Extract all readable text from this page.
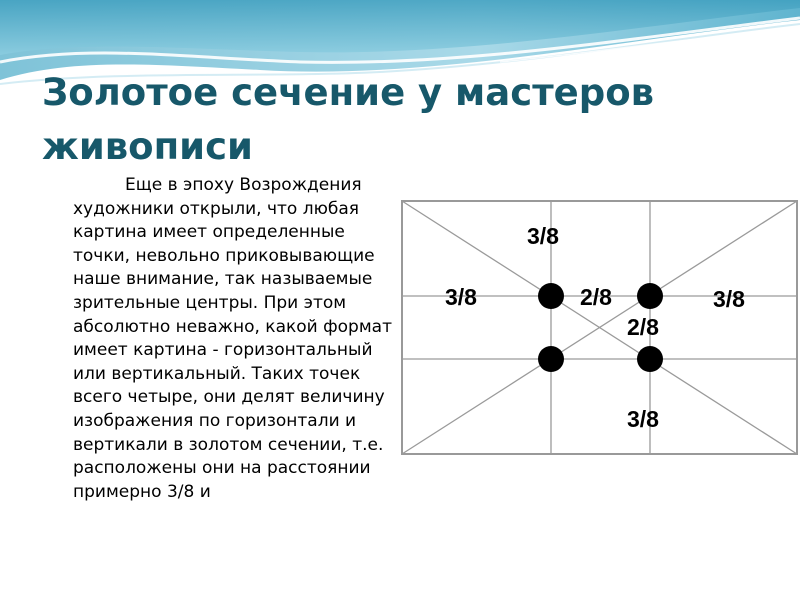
Золотое сечение у мастеров живописи

Еще в эпоху Возрождения художники открыли, что любая картина имеет определенные точки, невольно приковывающие наше внимание, так называемые зрительные центры. При этом абсолютно неважно, какой формат имеет картина - горизонтальный или вертикальный. Таких точек всего четыре, они делят величину изображения по горизонтали и вертикали в золотом сечении, т.е. расположены они на расстоянии примерно 3/8 и

3/8
3/8	2/8	3/8
2/8
3/8
